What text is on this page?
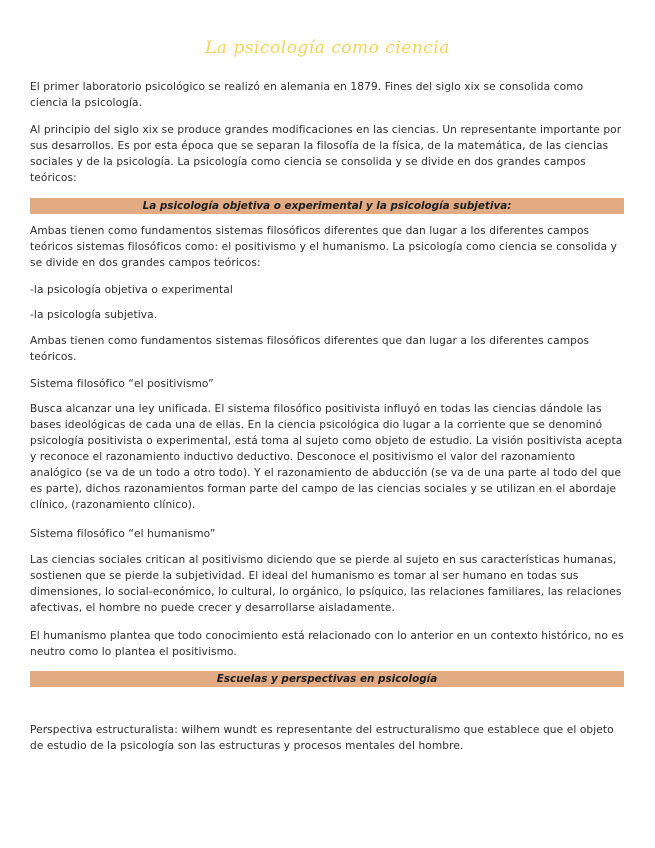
La psicología como ciencia

El primer laboratorio psicológico se realizó en alemania en 1879. Fines del siglo xix se consolida como ciencia la psicología.

Al principio del siglo xix se produce grandes modificaciones en las ciencias. Un representante importante por sus desarrollos. Es por esta época que se separan la filosofía de la física, de la matemática, de las ciencias sociales y de la psicología. La psicología como ciencia se consolida y se divide en dos grandes campos teóricos:

La psicología objetiva o experimental y la psicología subjetiva:

Ambas tienen como fundamentos sistemas filosóficos diferentes que dan lugar a los diferentes campos teóricos sistemas filosóficos como: el positivismo y el humanismo. La psicología como ciencia se consolida y se divide en dos grandes campos teóricos:

-la psicología objetiva o experimental

-la psicología subjetiva.

Ambas tienen como fundamentos sistemas filosóficos diferentes que dan lugar a los diferentes campos teóricos.

Sistema filosófico “el positivismo”

Busca alcanzar una ley unificada. El sistema filosófico positivista influyó en todas las ciencias dándole las bases ideológicas de cada una de ellas. En la ciencia psicológica dio lugar a la corriente que se denominó psicología positivista o experimental, está toma al sujeto como objeto de estudio. La visión positivista acepta y reconoce el razonamiento inductivo deductivo. Desconoce el positivismo el valor del razonamiento analógico (se va de un todo a otro todo). Y el razonamiento de abducción (se va de una parte al todo del que es parte), dichos razonamientos forman parte del campo de las ciencias sociales y se utilizan en el abordaje clínico, (razonamiento clínico).

Sistema filosófico “el humanismo”

Las ciencias sociales critican al positivismo diciendo que se pierde al sujeto en sus características humanas, sostienen que se pierde la subjetividad. El ideal del humanismo es tomar al ser humano en todas sus dimensiones, lo social-económico, lo cultural, lo orgánico, lo psíquico, las relaciones familiares, las relaciones afectivas, el hombre no puede crecer y desarrollarse aisladamente.

El humanismo plantea que todo conocimiento está relacionado con lo anterior en un contexto histórico, no es neutro como lo plantea el positivismo.

Escuelas y perspectivas en psicología

Perspectiva estructuralista: wilhem wundt es representante del estructuralismo que establece que el objeto de estudio de la psicología son las estructuras y procesos mentales del hombre.
